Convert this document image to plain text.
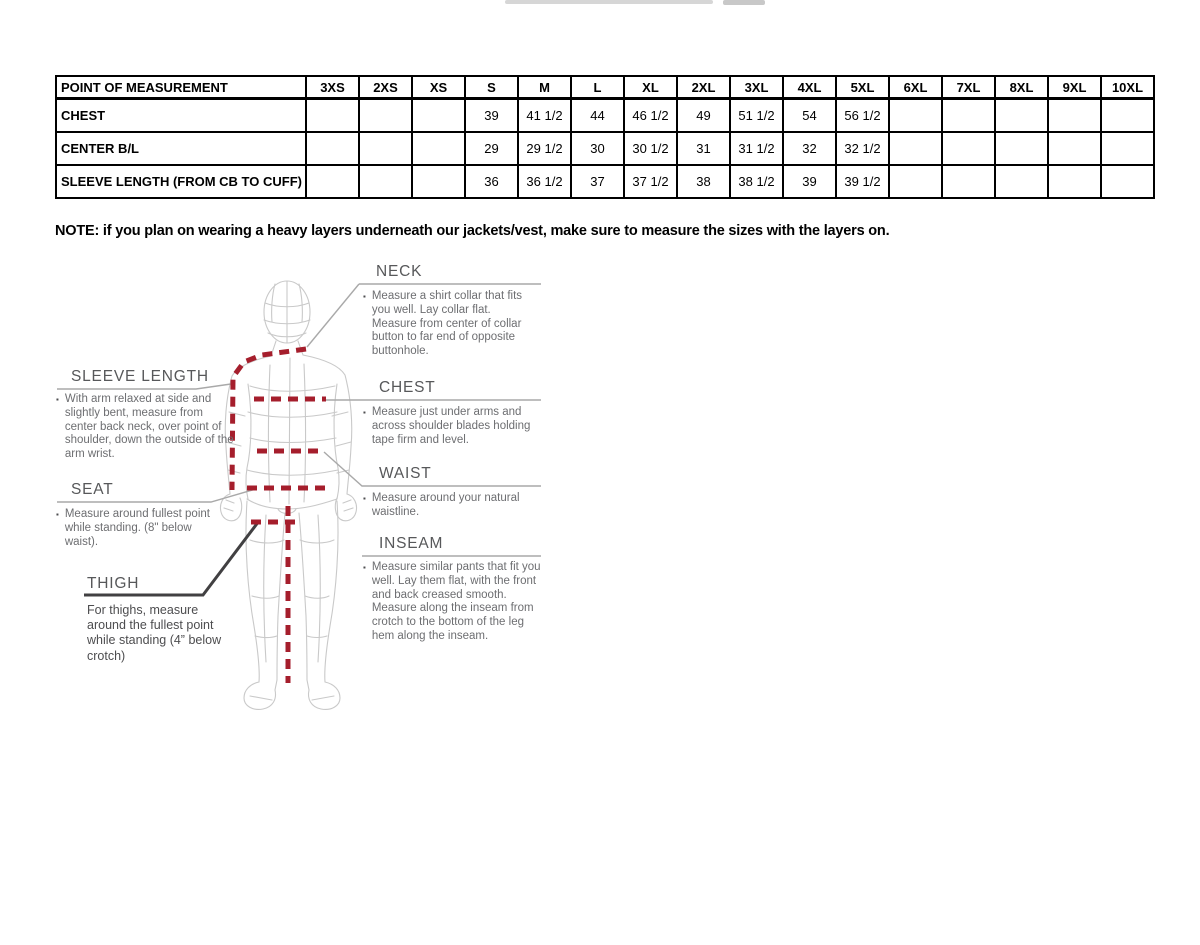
POINT OF MEASUREMENT	3XS	2XS	XS	S	M	L	XL	2XL	3XL	4XL	5XL	6XL	7XL	8XL	9XL	10XL
CHEST				39	41 1/2	44	46 1/2	49	51 1/2	54	56 1/2					
CENTER B/L				29	29 1/2	30	30 1/2	31	31 1/2	32	32 1/2					
SLEEVE LENGTH (FROM CB TO CUFF)				36	36 1/2	37	37 1/2	38	38 1/2	39	39 1/2					
NOTE: if you plan on wearing a heavy layers underneath our jackets/vest, make sure to measure the sizes with the layers on.
NECK
▪ Measure a shirt collar that fits you well. Lay collar flat. Measure from center of collar button to far end of opposite buttonhole.
CHEST
▪ Measure just under arms and across shoulder blades holding tape firm and level.
WAIST
▪ Measure around your natural waistline.
INSEAM
▪ Measure similar pants that fit you well. Lay them flat, with the front and back creased smooth. Measure along the inseam from crotch to the bottom of the leg hem along the inseam.
SLEEVE LENGTH
▪ With arm relaxed at side and slightly bent, measure from center back neck, over point of shoulder, down the outside of the arm wrist.
SEAT
▪ Measure around fullest point while standing. (8" below waist).
THIGH
For thighs, measure around the fullest point while standing (4” below crotch)
